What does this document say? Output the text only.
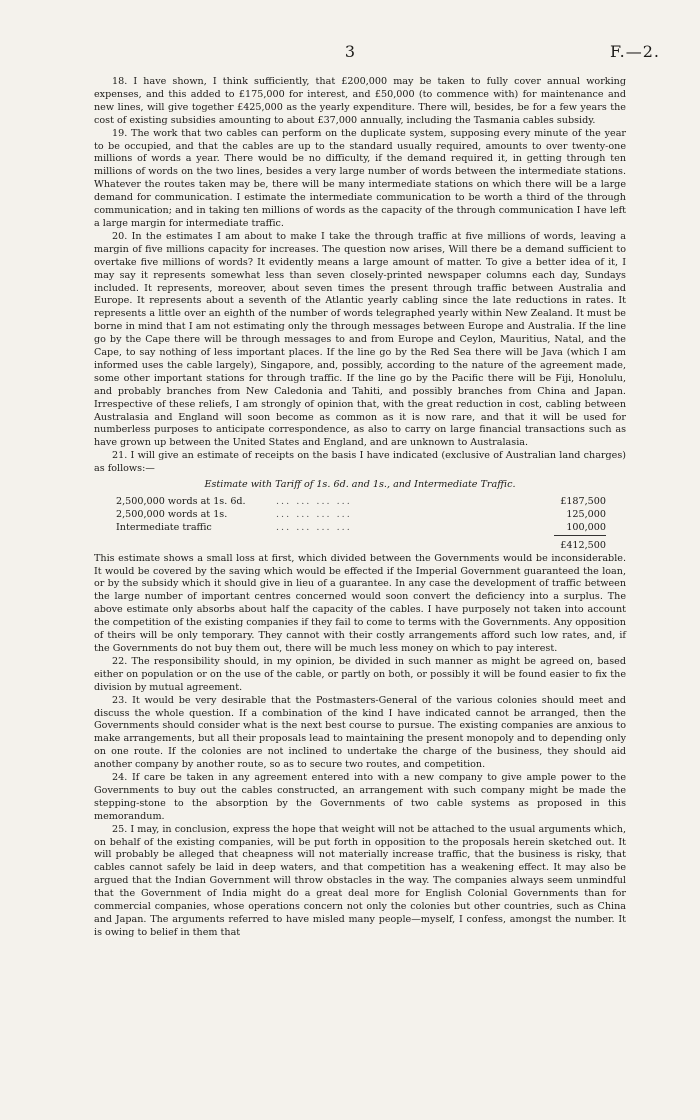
3	F.—2.

18. I have shown, I think sufficiently, that £200,000 may be taken to fully cover annual working expenses, and this added to £175,000 for interest, and £50,000 (to commence with) for maintenance and new lines, will give together £425,000 as the yearly expenditure. There will, besides, be for a few years the cost of existing subsidies amounting to about £37,000 annually, including the Tasmania cables subsidy.

19. The work that two cables can perform on the duplicate system, supposing every minute of the year to be occupied, and that the cables are up to the standard usually required, amounts to over twenty-one millions of words a year. There would be no difficulty, if the demand required it, in getting through ten millions of words on the two lines, besides a very large number of words between the intermediate stations. Whatever the routes taken may be, there will be many intermediate stations on which there will be a large demand for communication. I estimate the intermediate communication to be worth a third of the through communication; and in taking ten millions of words as the capacity of the through communication I have left a large margin for intermediate traffic.

20. In the estimates I am about to make I take the through traffic at five millions of words, leaving a margin of five millions capacity for increases. The question now arises, Will there be a demand sufficient to overtake five millions of words? It evidently means a large amount of matter. To give a better idea of it, I may say it represents somewhat less than seven closely-printed newspaper columns each day, Sundays included. It represents, moreover, about seven times the present through traffic between Australia and Europe. It represents about a seventh of the Atlantic yearly cabling since the late reductions in rates. It represents a little over an eighth of the number of words telegraphed yearly within New Zealand. It must be borne in mind that I am not estimating only the through messages between Europe and Australia. If the line go by the Cape there will be through messages to and from Europe and Ceylon, Mauritius, Natal, and the Cape, to say nothing of less important places. If the line go by the Red Sea there will be Java (which I am informed uses the cable largely), Singapore, and, possibly, according to the nature of the agreement made, some other important stations for through traffic. If the line go by the Pacific there will be Fiji, Honolulu, and probably branches from New Caledonia and Tahiti, and possibly branches from China and Japan. Irrespective of these reliefs, I am strongly of opinion that, with the great reduction in cost, cabling between Australasia and England will soon become as common as it is now rare, and that it will be used for numberless purposes to anticipate correspondence, as also to carry on large financial transactions such as have grown up between the United States and England, and are unknown to Australasia.

21. I will give an estimate of receipts on the basis I have indicated (exclusive of Australian land charges) as follows:—

Estimate with Tariff of 1s. 6d. and 1s., and Intermediate Traffic.
2,500,000 words at 1s. 6d.	... ... ... ...	£187,500
2,500,000 words at 1s.	... ... ... ...	125,000
Intermediate traffic	... ... ... ...	100,000
		£412,500

This estimate shows a small loss at first, which divided between the Governments would be inconsiderable. It would be covered by the saving which would be effected if the Imperial Government guaranteed the loan, or by the subsidy which it should give in lieu of a guarantee. In any case the development of traffic between the large number of important centres concerned would soon convert the deficiency into a surplus. The above estimate only absorbs about half the capacity of the cables. I have purposely not taken into account the competition of the existing companies if they fail to come to terms with the Governments. Any opposition of theirs will be only temporary. They cannot with their costly arrangements afford such low rates, and, if the Governments do not buy them out, there will be much less money on which to pay interest.

22. The responsibility should, in my opinion, be divided in such manner as might be agreed on, based either on population or on the use of the cable, or partly on both, or possibly it will be found easier to fix the division by mutual agreement.

23. It would be very desirable that the Postmasters-General of the various colonies should meet and discuss the whole question. If a combination of the kind I have indicated cannot be arranged, then the Governments should consider what is the next best course to pursue. The existing companies are anxious to make arrangements, but all their proposals lead to maintaining the present monopoly and to depending only on one route. If the colonies are not inclined to undertake the charge of the business, they should aid another company by another route, so as to secure two routes, and competition.

24. If care be taken in any agreement entered into with a new company to give ample power to the Governments to buy out the cables constructed, an arrangement with such company might be made the stepping-stone to the absorption by the Governments of two cable systems as proposed in this memorandum.

25. I may, in conclusion, express the hope that weight will not be attached to the usual arguments which, on behalf of the existing companies, will be put forth in opposition to the proposals herein sketched out. It will probably be alleged that cheapness will not materially increase traffic, that the business is risky, that cables cannot safely be laid in deep waters, and that competition has a weakening effect. It may also be argued that the Indian Government will throw obstacles in the way. The companies always seem unmindful that the Government of India might do a great deal more for English Colonial Governments than for commercial companies, whose operations concern not only the colonies but other countries, such as China and Japan. The arguments referred to have misled many people—myself, I confess, amongst the number. It is owing to belief in them that
